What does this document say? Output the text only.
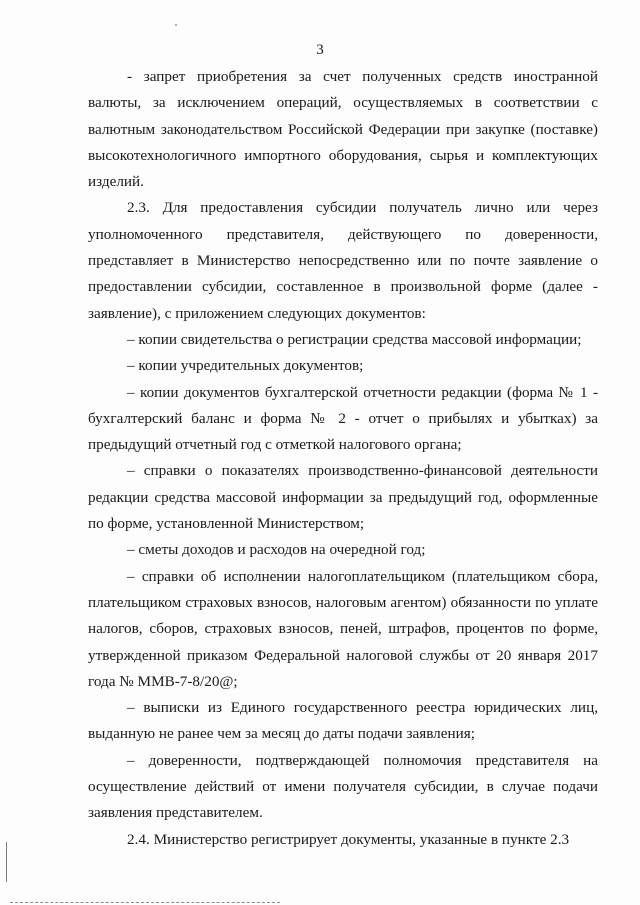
3

- запрет приобретения за счет полученных средств иностранной валюты, за исключением операций, осуществляемых в соответствии с валютным законодательством Российской Федерации при закупке (поставке) высокотехнологичного импортного оборудования, сырья и комплектующих изделий.

2.3. Для предоставления субсидии получатель лично или через уполномоченного представителя, действующего по доверенности, представляет в Министерство непосредственно или по почте заявление о предоставлении субсидии, составленное в произвольной форме (далее - заявление), с приложением следующих документов:

– копии свидетельства о регистрации средства массовой информации;

– копии учредительных документов;

– копии документов бухгалтерской отчетности редакции (форма № 1 - бухгалтерский баланс и форма № 2 - отчет о прибылях и убытках) за предыдущий отчетный год с отметкой налогового органа;

– справки о показателях производственно-финансовой деятельности редакции средства массовой информации за предыдущий год, оформленные по форме, установленной Министерством;

– сметы доходов и расходов на очередной год;

– справки об исполнении налогоплательщиком (плательщиком сбора, плательщиком страховых взносов, налоговым агентом) обязанности по уплате налогов, сборов, страховых взносов, пеней, штрафов, процентов по форме, утвержденной приказом Федеральной налоговой службы от 20 января 2017 года № ММВ-7-8/20@;

– выписки из Единого государственного реестра юридических лиц, выданную не ранее чем за месяц до даты подачи заявления;

– доверенности, подтверждающей полномочия представителя на осуществление действий от имени получателя субсидии, в случае подачи заявления представителем.

2.4. Министерство регистрирует документы, указанные в пункте 2.3
